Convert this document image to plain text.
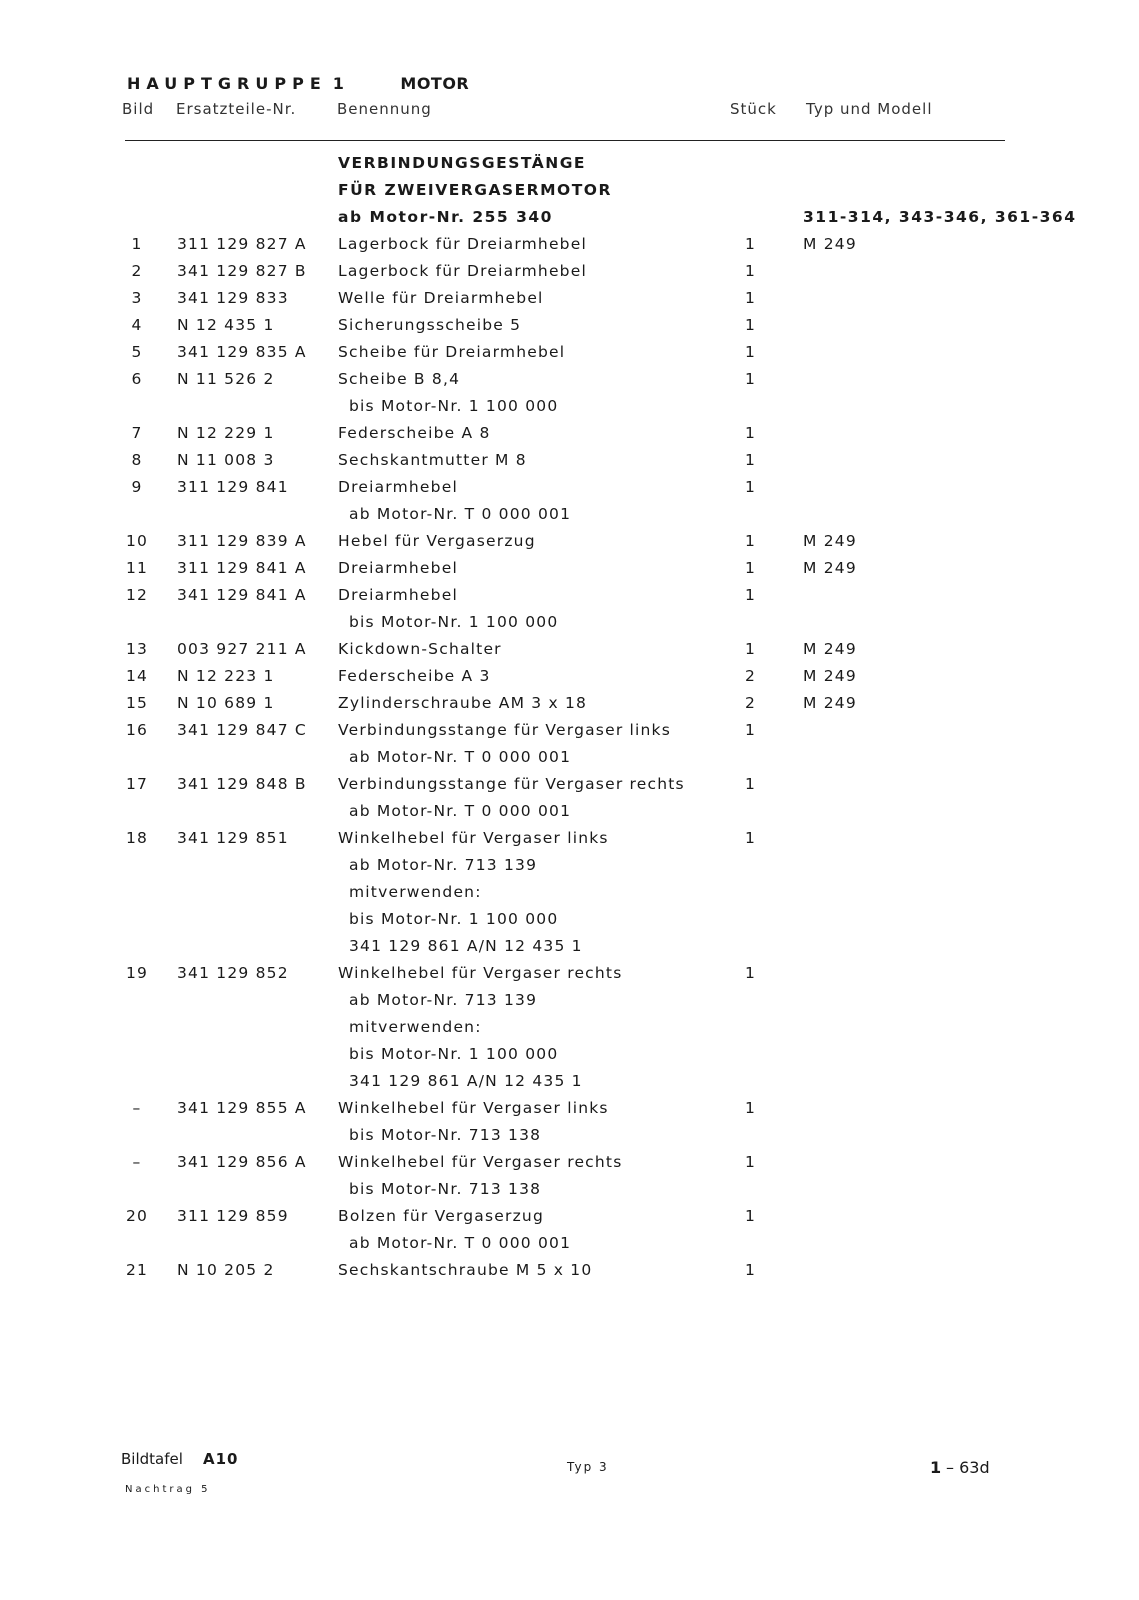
HAUPTGRUPPE 1	MOTOR
Bild Ersatzteile-Nr.	Benennung	Stück Typ und Modell
VERBINDUNGSGESTÄNGE
FÜR ZWEIVERGASERMOTOR
ab Motor-Nr. 255 340	311-314, 343-346, 361-364
1	311 129 827 A Lagerbock für Dreiarmhebel	1	M 249
2	341 129 827 B Lagerbock für Dreiarmhebel	1
3	341 129 833	Welle für Dreiarmhebel	1
4	N 12 435 1	Sicherungsscheibe 5	1
5	341 129 835 A Scheibe für Dreiarmhebel	1
6	N 11 526 2	Scheibe B 8,4	1
bis Motor-Nr. 1 100 000
7	N 12 229 1	Federscheibe A 8	1
8	N 11 008 3	Sechskantmutter M 8	1
9	311 129 841	Dreiarmhebel	1
ab Motor-Nr. T 0 000 001
10	311 129 839 A Hebel für Vergaserzug	1	M 249
11	311 129 841 A Dreiarmhebel	1	M 249
12	341 129 841 A Dreiarmhebel	1
bis Motor-Nr. 1 100 000
13	003 927 211 A Kickdown-Schalter	1	M 249
14	N 12 223 1	Federscheibe A 3	2	M 249
15	N 10 689 1	Zylinderschraube AM 3 x 18	2	M 249
16	341 129 847 C Verbindungsstange für Vergaser links	1
ab Motor-Nr. T 0 000 001
17	341 129 848 B Verbindungsstange für Vergaser rechts	1
ab Motor-Nr. T 0 000 001
18	341 129 851	Winkelhebel für Vergaser links	1
ab Motor-Nr. 713 139
mitverwenden:
bis Motor-Nr. 1 100 000
341 129 861 A/N 12 435 1
19	341 129 852	Winkelhebel für Vergaser rechts	1
ab Motor-Nr. 713 139
mitverwenden:
bis Motor-Nr. 1 100 000
341 129 861 A/N 12 435 1
–	341 129 855 A Winkelhebel für Vergaser links	1
bis Motor-Nr. 713 138
–	341 129 856 A Winkelhebel für Vergaser rechts	1
bis Motor-Nr. 713 138
20	311 129 859	Bolzen für Vergaserzug	1
ab Motor-Nr. T 0 000 001
21	N 10 205 2	Sechskantschraube M 5 x 10	1
Bildtafel A10	Typ 3	1 – 63d
Nachtrag 5
